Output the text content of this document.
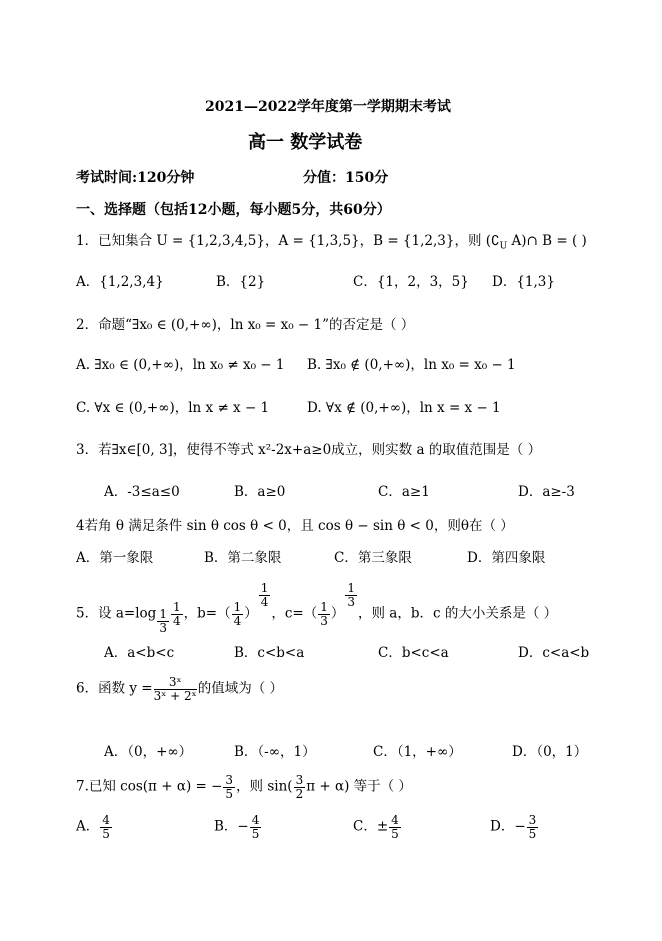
2021—2022学年度第一学期期末考试
高一 数学试卷
考试时间:120分钟	分值：150分
一、选择题（包括12小题，每小题5分，共60分）
1．已知集合 U = {1,2,3,4,5}，A = {1,3,5}，B = {1,2,3}，则 ($∁_U$ A)∩ B = ( )
A．{1,2,3,4}	B．{2}	C．{1，2，3，5} D．{1,3}
2．命题“∃x₀ ∈ (0,+∞)，ln x₀ = x₀ − 1”的否定是（ ）
A. ∃x₀ ∈ (0,+∞)，ln x₀ ≠ x₀ − 1 B. ∃x₀ ∉ (0,+∞)，ln x₀ = x₀ − 1
C. ∀x ∈ (0,+∞)，ln x ≠ x − 1	D. ∀x ∉ (0,+∞)，ln x = x − 1
3．若∃x∈[0, 3]，使得不等式 x²-2x+a≥0成立，则实数 a 的取值范围是（ ）
A．-3≤a≤0	B．a≥0	C．a≥1	D．a≥-3
4若角 θ 满足条件 sin θ cos θ < 0，且 cos θ − sin θ < 0，则θ在（ ）
A．第一象限	B．第二象限	C．第三象限	D．第四象限
5．设 $a=\log \frac{1}{3} \frac{1}{4}$ ，$b=( \frac{1}{4}$ ）
$\frac{1}{4}$
，$c=( \frac{1}{3}$ ）
$\frac{1}{3}$
，则 a，b．c 的大小关系是（ ）
A．a<b<c	B．c<b<a	C．b<c<a	D．c<a<b
6．函数 $y = \frac{\text{3ˣ}}{\text{3ˣ + 2ˣ}}$ 的值域为（ ）
A．（0，+∞）	B．（-∞，1）	C．（1，+∞）	D．（0，1）
7.已知 cos(π + α) = − $\frac{3}{5}$ ，则 $\sin( \frac{3}{2}$ π + α) 等于（ ）
A． $\frac{4}{5}$	B．− $\frac{4}{5}$	C．± $\frac{4}{5}$	D．− $\frac{3}{5}$
